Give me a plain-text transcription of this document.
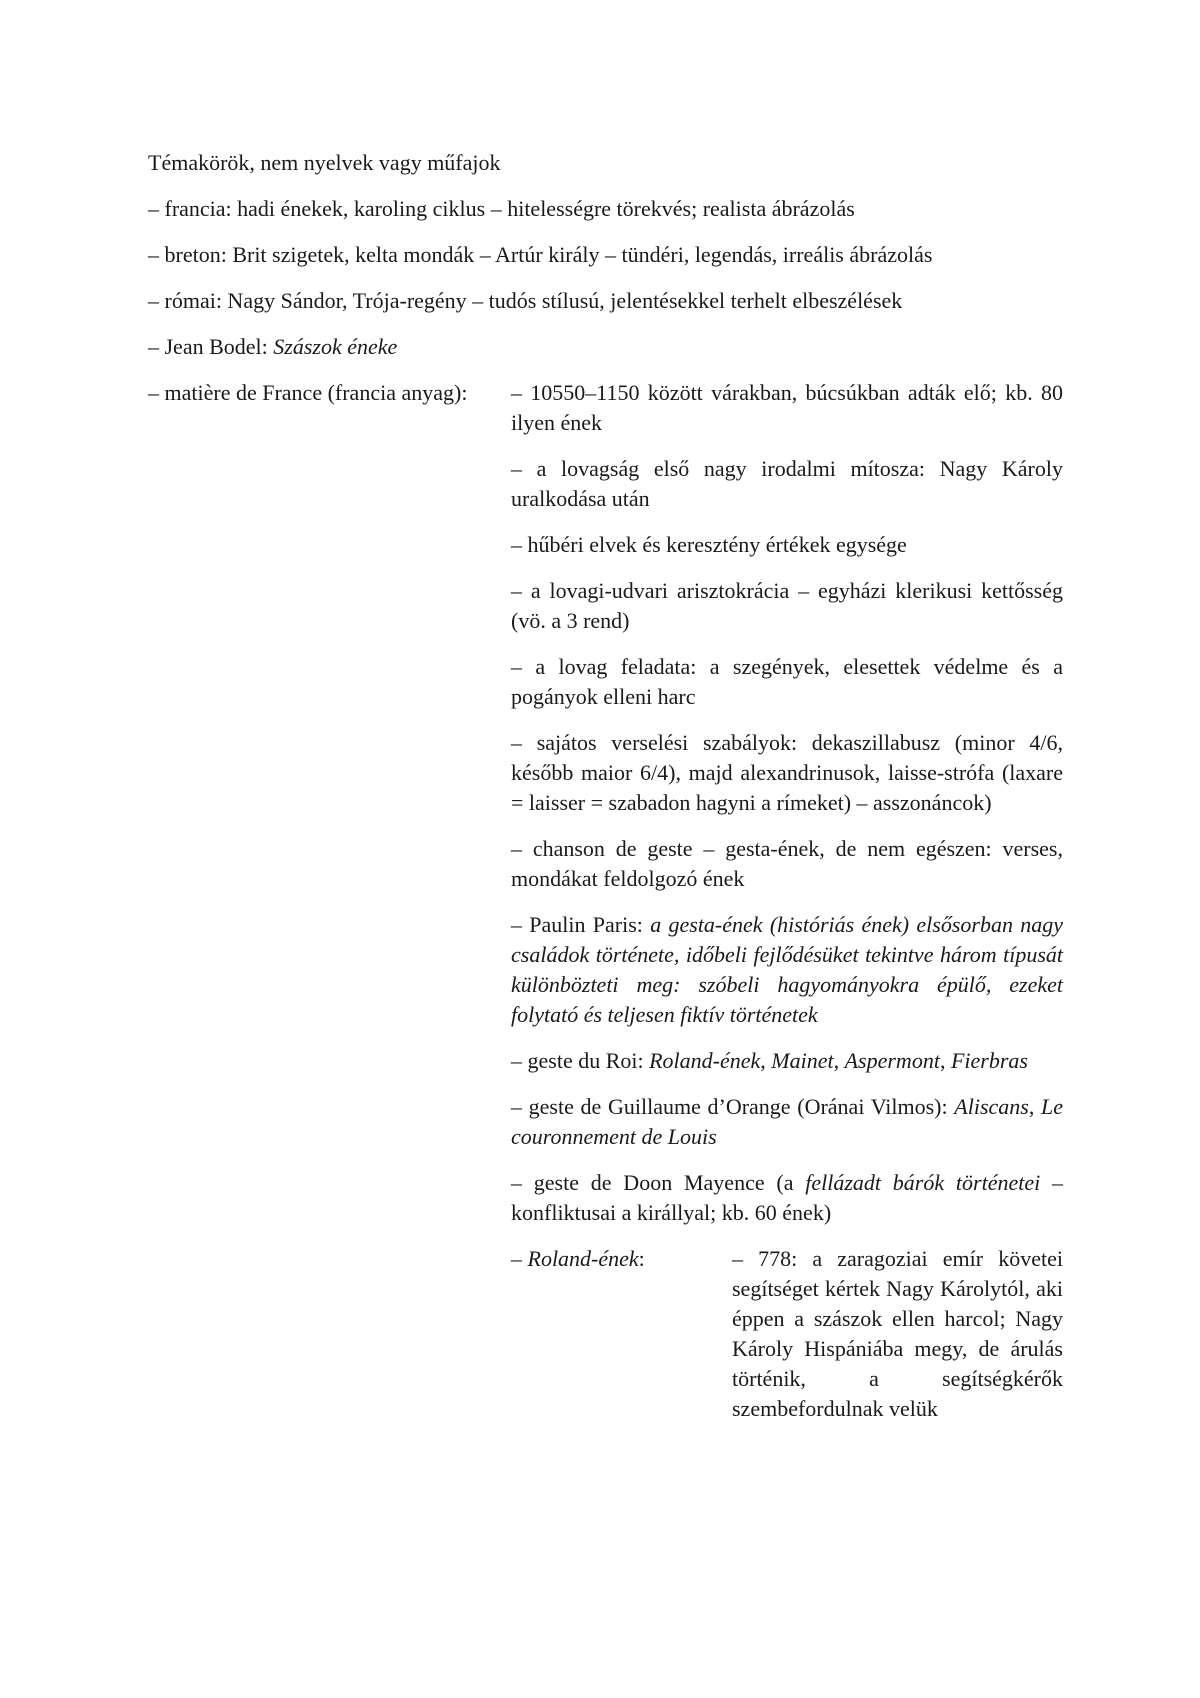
Témakörök, nem nyelvek vagy műfajok
– francia: hadi énekek, karoling ciklus – hitelességre törekvés; realista ábrázolás
– breton: Brit szigetek, kelta mondák – Artúr király – tündéri, legendás, irreális ábrázolás
– római: Nagy Sándor, Trója-regény – tudós stílusú, jelentésekkel terhelt elbeszélések
– Jean Bodel: Szászok éneke
– matière de France (francia anyag): – 10550–1150 között várakban, búcsúkban adták elő; kb. 80 ilyen ének

– a lovagság első nagy irodalmi mítosza: Nagy Károly uralkodása után

– hűbéri elvek és keresztény értékek egysége

– a lovagi-udvari arisztokrácia – egyházi klerikusi kettősség (vö. a 3 rend)

– a lovag feladata: a szegények, elesettek védelme és a pogányok elleni harc

– sajátos verselési szabályok: dekaszillabusz (minor 4/6, később maior 6/4), majd alexandrinusok, laisse-strófa (laxare = laisser = szabadon hagyni a rímeket) – asszonáncok)

– chanson de geste – gesta-ének, de nem egészen: verses, mondákat feldolgozó ének

– Paulin Paris: a gesta-ének (históriás ének) elsősorban nagy családok története, időbeli fejlődésüket tekintve három típusát különbözteti meg: szóbeli hagyományokra épülő, ezeket folytató és teljesen fiktív történetek

– geste du Roi: Roland-ének, Mainet, Aspermont, Fierbras

– geste de Guillaume d’Orange (Oránai Vilmos): Aliscans, Le couronnement de Louis

– geste de Doon Mayence (a fellázadt bárók történetei – konfliktusai a királlyal; kb. 60 ének)

– Roland-ének:	– 778: a zaragoziai emír követei segítséget kértek Nagy Károlytól, aki éppen a szászok ellen harcol; Nagy Károly Hispániába megy, de árulás történik, a segítségkérők szembefordulnak velük
